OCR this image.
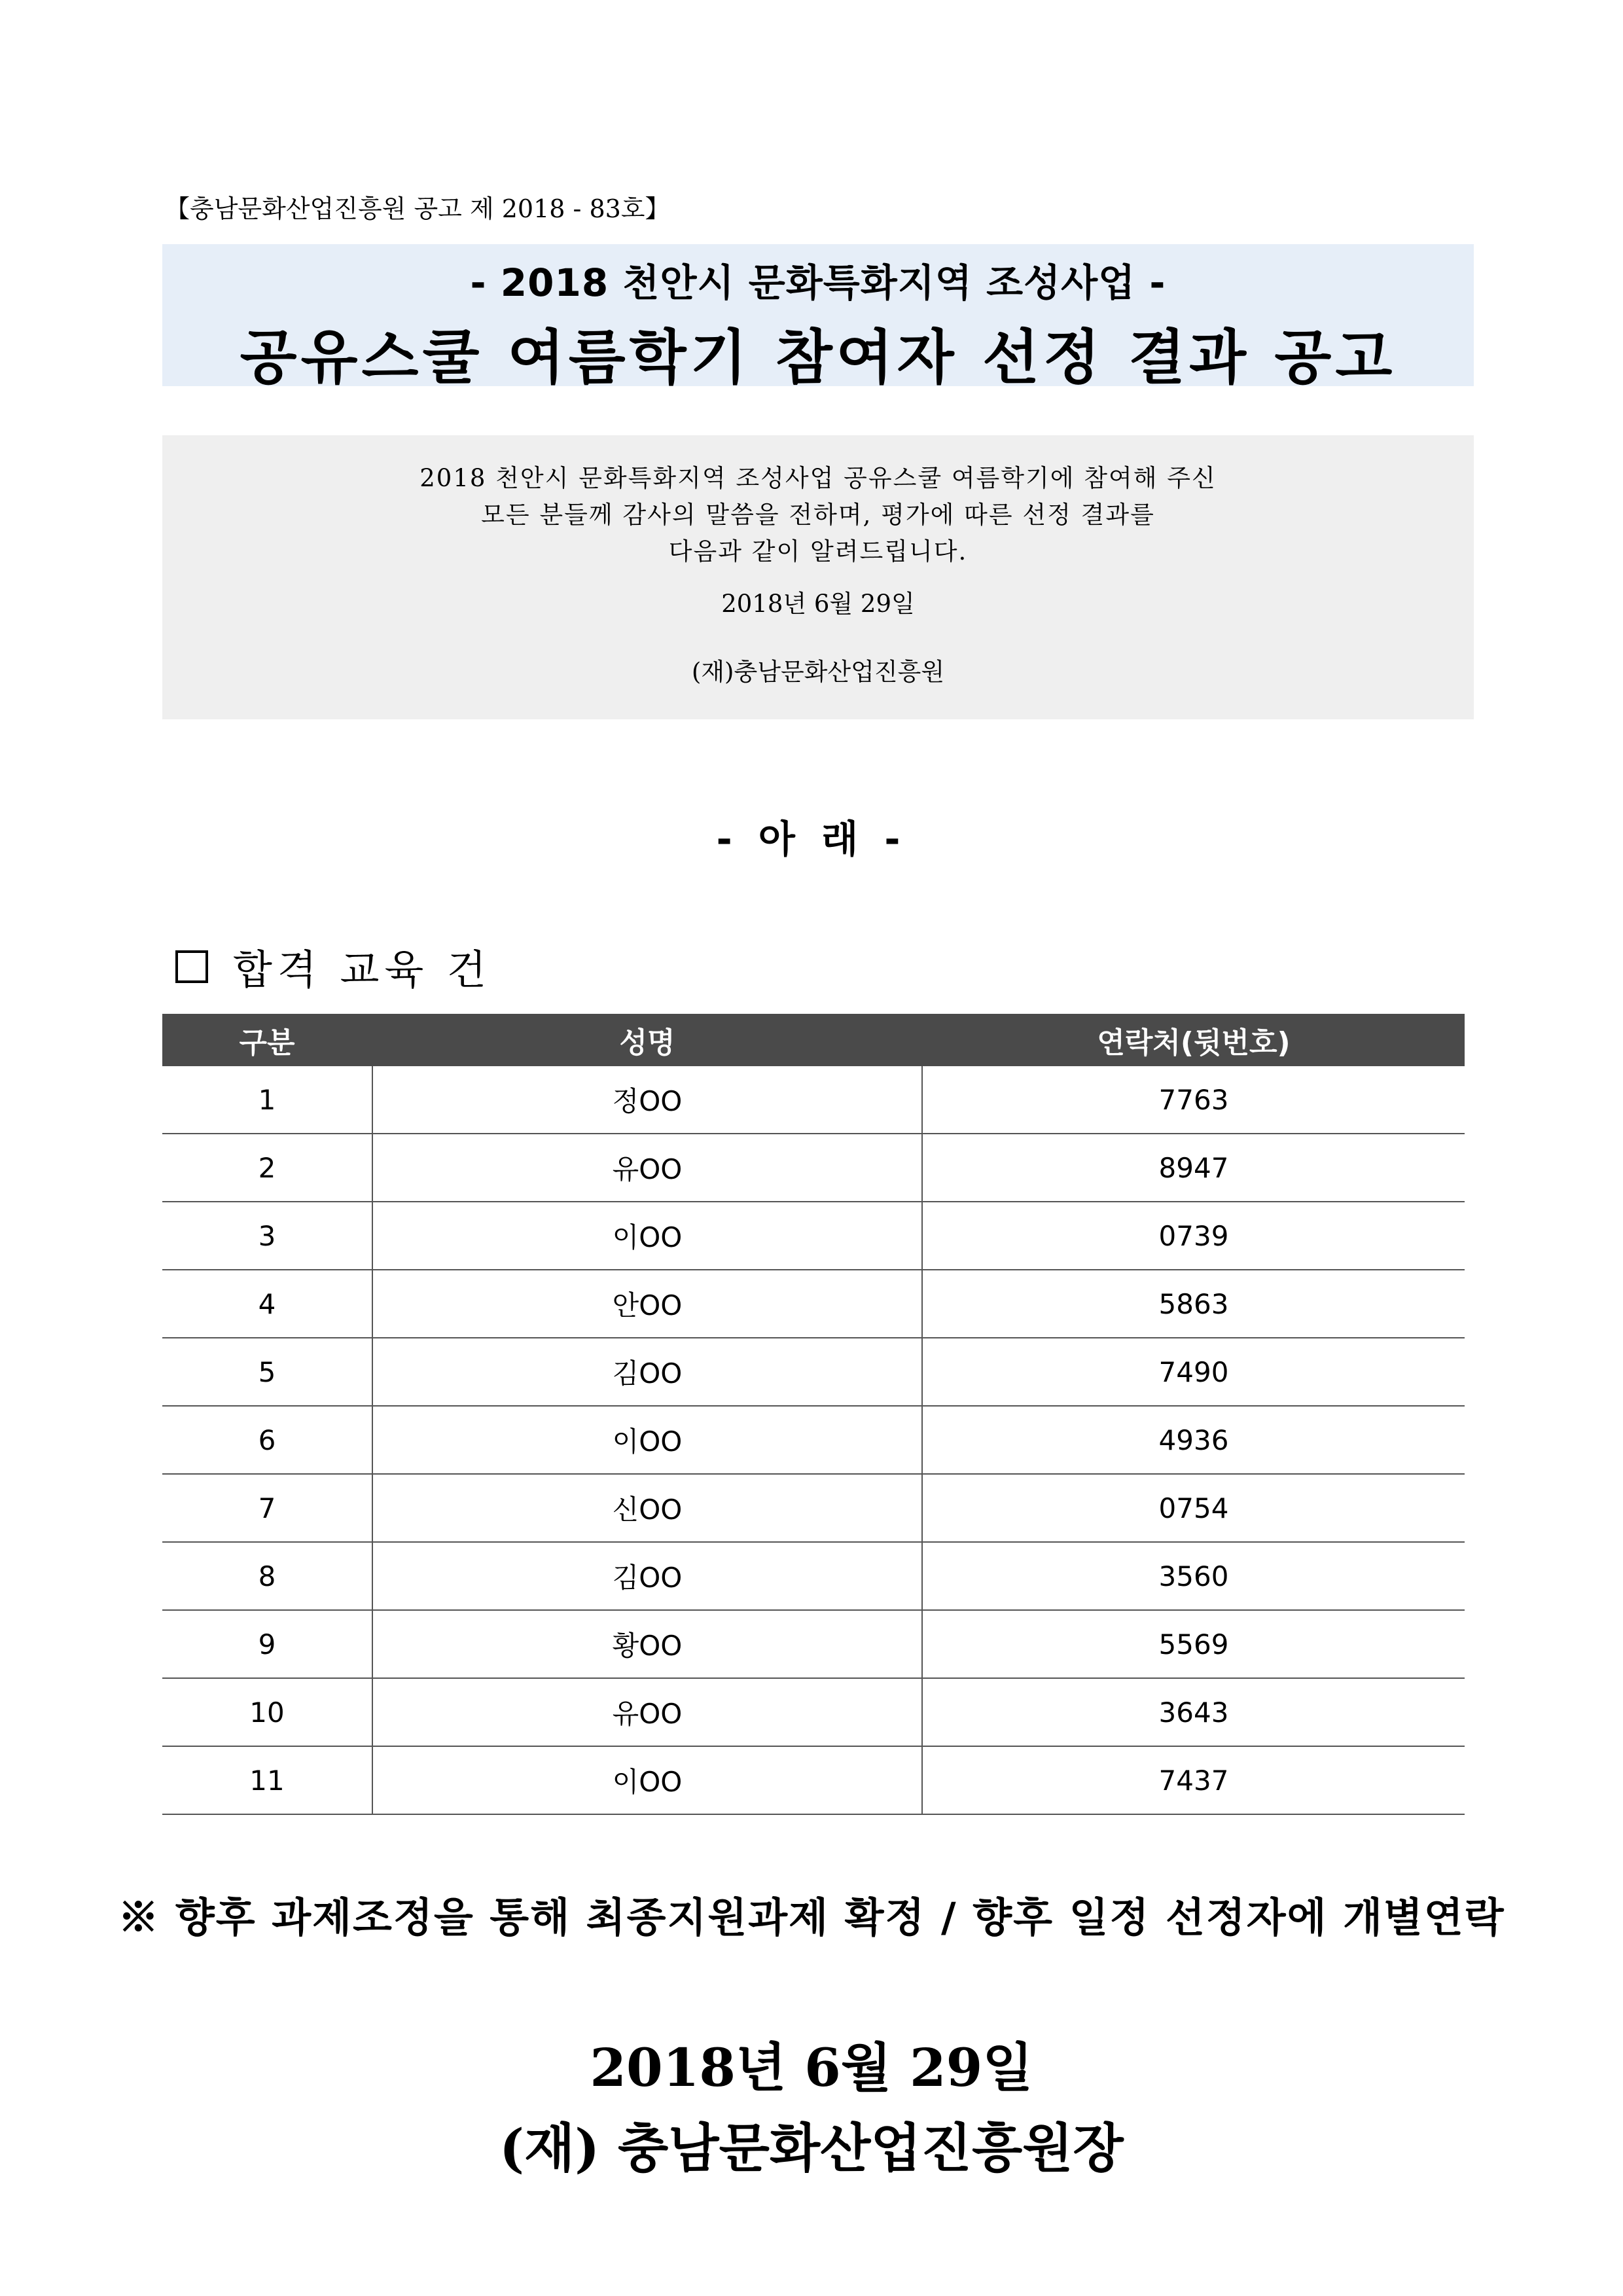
【충남문화산업진흥원 공고 제 2018 - 83호】
- 2018 천안시 문화특화지역 조성사업 -
공유스쿨 여름학기 참여자 선정 결과 공고
2018 천안시 문화특화지역 조성사업 공유스쿨 여름학기에 참여해 주신
모든 분들께 감사의 말씀을 전하며, 평가에 따른 선정 결과를
다음과 같이 알려드립니다.
2018년 6월 29일
(재)충남문화산업진흥원
- 아 래 -
합격 교육 건
구분	성명	연락처(뒷번호)
1	정OO	7763
2	유OO	8947
3	이OO	0739
4	안OO	5863
5	김OO	7490
6	이OO	4936
7	신OO	0754
8	김OO	3560
9	황OO	5569
10	유OO	3643
11	이OO	7437
※ 향후 과제조정을 통해 최종지원과제 확정 / 향후 일정 선정자에 개별연락
2018년 6월 29일
(재) 충남문화산업진흥원장
